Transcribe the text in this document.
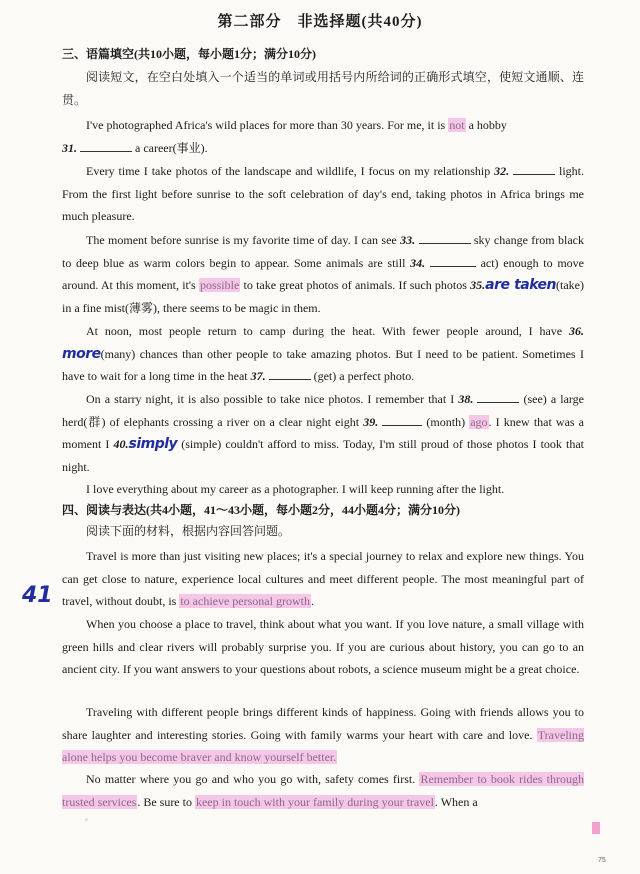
第二部分　非选择题(共40分)
三、语篇填空(共10小题，每小题1分；满分10分)
阅读短文，在空白处填入一个适当的单词或用括号内所给词的正确形式填空，使短文通顺、连贯。
I've photographed Africa's wild places for more than 30 years. For me, it is not a hobby
31.	a career(事业).
Every time I take photos of the landscape and wildlife, I focus on my relationship 32.	light. From the first light before sunrise to the soft celebration of day's end, taking photos in Africa brings me much pleasure.
The moment before sunrise is my favorite time of day. I can see 33.	sky change from black to deep blue as warm colors begin to appear. Some animals are still 34.	act) enough to move around. At this moment, it's possible to take great photos of animals. If such photos 35.are taken(take) in a fine mist(薄雾), there seems to be magic in them.
At noon, most people return to camp during the heat. With fewer people around, I have 36. more(many) chances than other people to take amazing photos. But I need to be patient. Sometimes I have to wait for a long time in the heat 37.	(get) a perfect photo.
On a starry night, it is also possible to take nice photos. I remember that I 38.	(see) a large herd(群) of elephants crossing a river on a clear night eight 39.	(month) ago. I knew that was a moment I 40.simply (simple) couldn't afford to miss. Today, I'm still proud of those photos I took that night.
I love everything about my career as a photographer. I will keep running after the light.
四、阅读与表达(共4小题，41～43小题，每小题2分，44小题4分；满分10分)
阅读下面的材料，根据内容回答问题。
41
Travel is more than just visiting new places; it's a special journey to relax and explore new things. You can get close to nature, experience local cultures and meet different people. The most meaningful part of travel, without doubt, is to achieve personal growth.
When you choose a place to travel, think about what you want. If you love nature, a small village with green hills and clear rivers will probably surprise you. If you are curious about history, you can go to an ancient city. If you want answers to your questions about robots, a science museum might be a great choice.
Traveling with different people brings different kinds of happiness. Going with friends allows you to share laughter and interesting stories. Going with family warms your heart with care and love. Traveling alone helps you become braver and know yourself better.
No matter where you go and who you go with, safety comes first. Remember to book rides through trusted services. Be sure to keep in touch with your family during your travel. When a
75
